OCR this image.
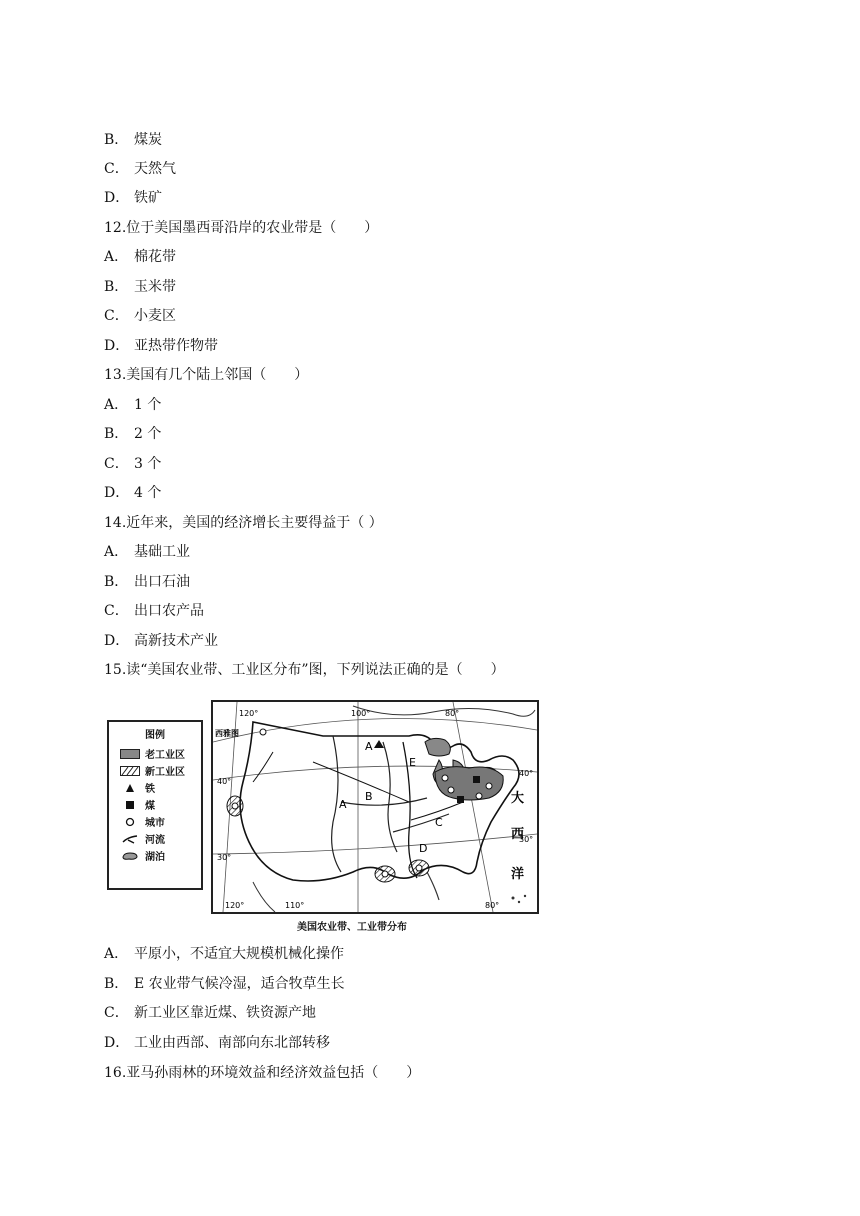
B． 煤炭
C． 天然气
D． 铁矿
12.位于美国墨西哥沿岸的农业带是（　　）
A． 棉花带
B． 玉米带
C． 小麦区
D． 亚热带作物带
13.美国有几个陆上邻国（　　）
A． 1 个
B． 2 个
C． 3 个
D． 4 个
14.近年来，美国的经济增长主要得益于（ ）
A． 基础工业
B． 出口石油
C． 出口农产品
D． 高新技术产业
15.读“美国农业带、工业区分布”图，下列说法正确的是（　　）
图例
老工业区
新工业区
铁
煤
城市
河流
湖泊
120°
西雅图
100°	80°
40°
30°
40°
30°
120°	110°	80°
A
A
B
C
D
E
大
西
洋
美国农业带、工业带分布
A． 平原小，不适宜大规模机械化操作
B． E 农业带气候冷湿，适合牧草生长
C． 新工业区靠近煤、铁资源产地
D． 工业由西部、南部向东北部转移
16.亚马孙雨林的环境效益和经济效益包括（　　）
